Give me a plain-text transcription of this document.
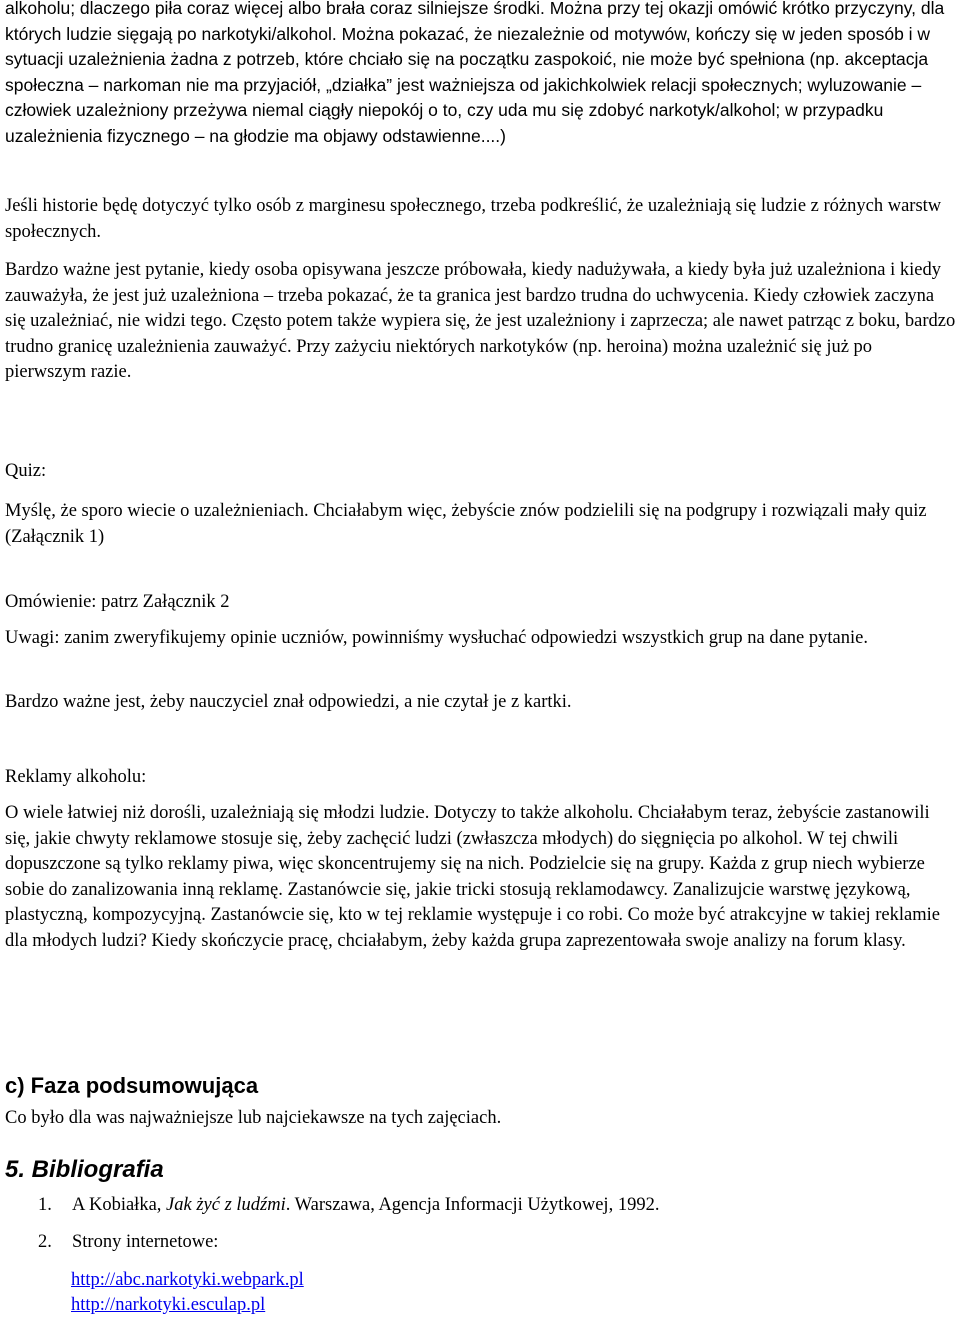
alkoholu; dlaczego piła coraz więcej albo brała coraz silniejsze środki. Można przy tej okazji omówić krótko przyczyny, dla których ludzie sięgają po narkotyki/alkohol. Można pokazać, że niezależnie od motywów, kończy się w jeden sposób i w sytuacji uzależnienia żadna z potrzeb, które chciało się na początku zaspokoić, nie może być spełniona (np. akceptacja społeczna – narkoman nie ma przyjaciół, „działka” jest ważniejsza od jakichkolwiek relacji społecznych; wyluzowanie – człowiek uzależniony przeżywa niemal ciągły niepokój o to, czy uda mu się zdobyć narkotyk/alkohol; w przypadku uzależnienia fizycznego – na głodzie ma objawy odstawienne....)

Jeśli historie będę dotyczyć tylko osób z marginesu społecznego, trzeba podkreślić, że uzależniają się ludzie z różnych warstw społecznych.

Bardzo ważne jest pytanie, kiedy osoba opisywana jeszcze próbowała, kiedy nadużywała, a kiedy była już uzależniona i kiedy zauważyła, że jest już uzależniona – trzeba pokazać, że ta granica jest bardzo trudna do uchwycenia. Kiedy człowiek zaczyna się uzależniać, nie widzi tego. Często potem także wypiera się, że jest uzależniony i zaprzecza; ale nawet patrząc z boku, bardzo trudno granicę uzależnienia zauważyć. Przy zażyciu niektórych narkotyków (np. heroina) można uzależnić się już po pierwszym razie.

Quiz:

Myślę, że sporo wiecie o uzależnieniach. Chciałabym więc, żebyście znów podzielili się na podgrupy i rozwiązali mały quiz (Załącznik 1)

Omówienie: patrz Załącznik 2

Uwagi: zanim zweryfikujemy opinie uczniów, powinniśmy wysłuchać odpowiedzi wszystkich grup na dane pytanie.

Bardzo ważne jest, żeby nauczyciel znał odpowiedzi, a nie czytał je z kartki.

Reklamy alkoholu:

O wiele łatwiej niż dorośli, uzależniają się młodzi ludzie. Dotyczy to także alkoholu. Chciałabym teraz, żebyście zastanowili się, jakie chwyty reklamowe stosuje się, żeby zachęcić ludzi (zwłaszcza młodych) do sięgnięcia po alkohol. W tej chwili dopuszczone są tylko reklamy piwa, więc skoncentrujemy się na nich. Podzielcie się na grupy. Każda z grup niech wybierze sobie do zanalizowania inną reklamę. Zastanówcie się, jakie tricki stosują reklamodawcy. Zanalizujcie warstwę językową, plastyczną, kompozycyjną. Zastanówcie się, kto w tej reklamie występuje i co robi. Co może być atrakcyjne w takiej reklamie dla młodych ludzi? Kiedy skończycie pracę, chciałabym, żeby każda grupa zaprezentowała swoje analizy na forum klasy.

c) Faza podsumowująca

Co było dla was najważniejsze lub najciekawsze na tych zajęciach.

5. Bibliografia

1. A Kobiałka, Jak żyć z ludźmi. Warszawa, Agencja Informacji Użytkowej, 1992.

2. Strony internetowe:

http://abc.narkotyki.webpark.pl
http://narkotyki.esculap.pl
